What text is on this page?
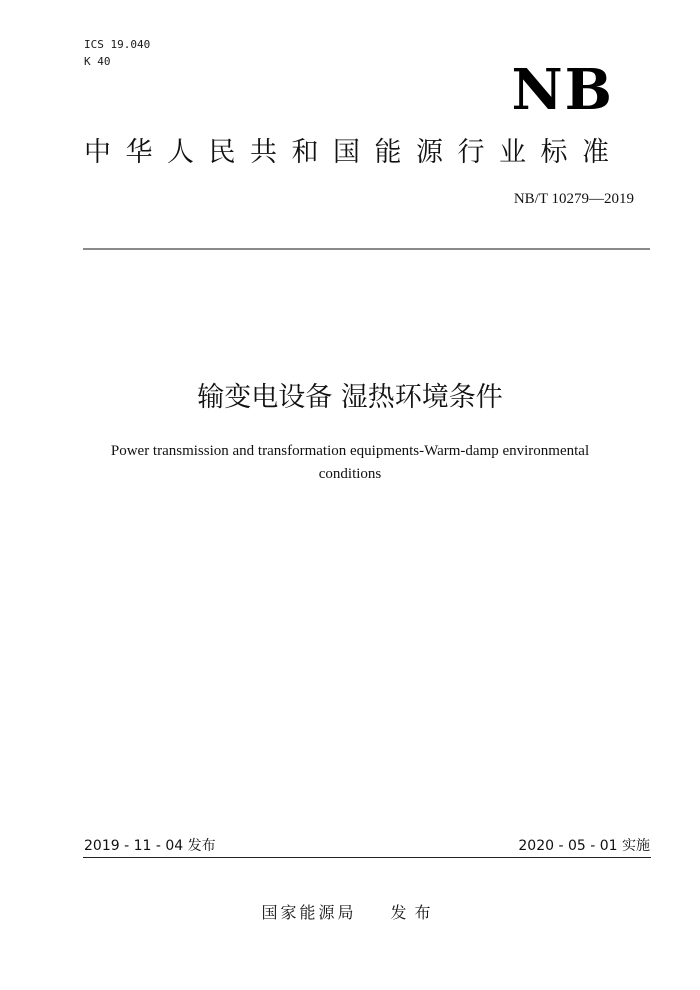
ICS 19.040
K 40	NB
中华人民共和国能源行业标准
NB/T 10279—2019
输变电设备 湿热环境条件
Power transmission and transformation equipments-Warm-damp environmental
conditions
2019 - 11 - 04 发布	2020 - 05 - 01 实施
国家能源局 发布
